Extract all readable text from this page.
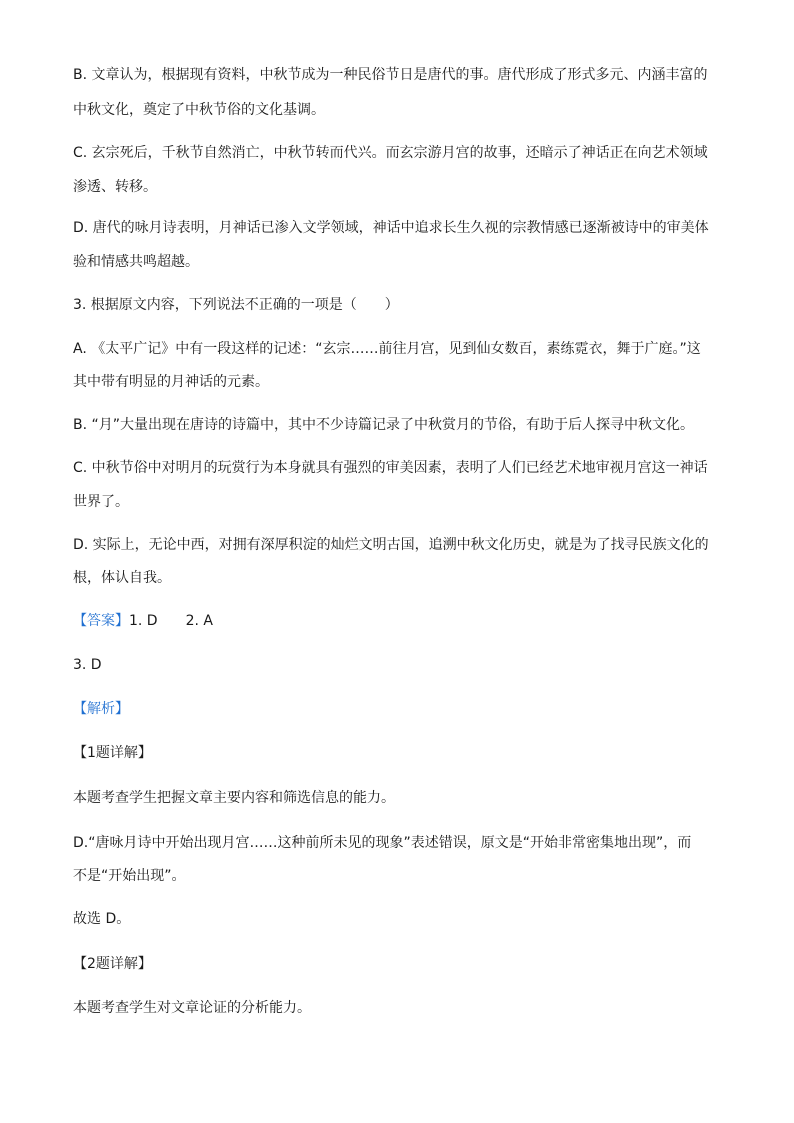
B. 文章认为，根据现有资料，中秋节成为一种民俗节日是唐代的事。唐代形成了形式多元、内涵丰富的
中秋文化，奠定了中秋节俗的文化基调。
C. 玄宗死后，千秋节自然消亡，中秋节转而代兴。而玄宗游月宫的故事，还暗示了神话正在向艺术领域
渗透、转移。
D. 唐代的咏月诗表明，月神话已渗入文学领域，神话中追求长生久视的宗教情感已逐渐被诗中的审美体
验和情感共鸣超越。
3. 根据原文内容，下列说法不正确的一项是（　　）
A. 《太平广记》中有一段这样的记述：“玄宗……前往月宫，见到仙女数百，素练霓衣，舞于广庭。”这
其中带有明显的月神话的元素。
B. “月”大量出现在唐诗的诗篇中，其中不少诗篇记录了中秋赏月的节俗，有助于后人探寻中秋文化。
C. 中秋节俗中对明月的玩赏行为本身就具有强烈的审美因素，表明了人们已经艺术地审视月宫这一神话
世界了。
D. 实际上，无论中西，对拥有深厚积淀的灿烂文明古国，追溯中秋文化历史，就是为了找寻民族文化的
根，体认自我。
【答案】1. D　　2. A
3. D
【解析】
【1题详解】
本题考查学生把握文章主要内容和筛选信息的能力。
D.“唐咏月诗中开始出现月宫……这种前所未见的现象”表述错误，原文是“开始非常密集地出现”，而
不是“开始出现”。
故选 D。
【2题详解】
本题考查学生对文章论证的分析能力。
